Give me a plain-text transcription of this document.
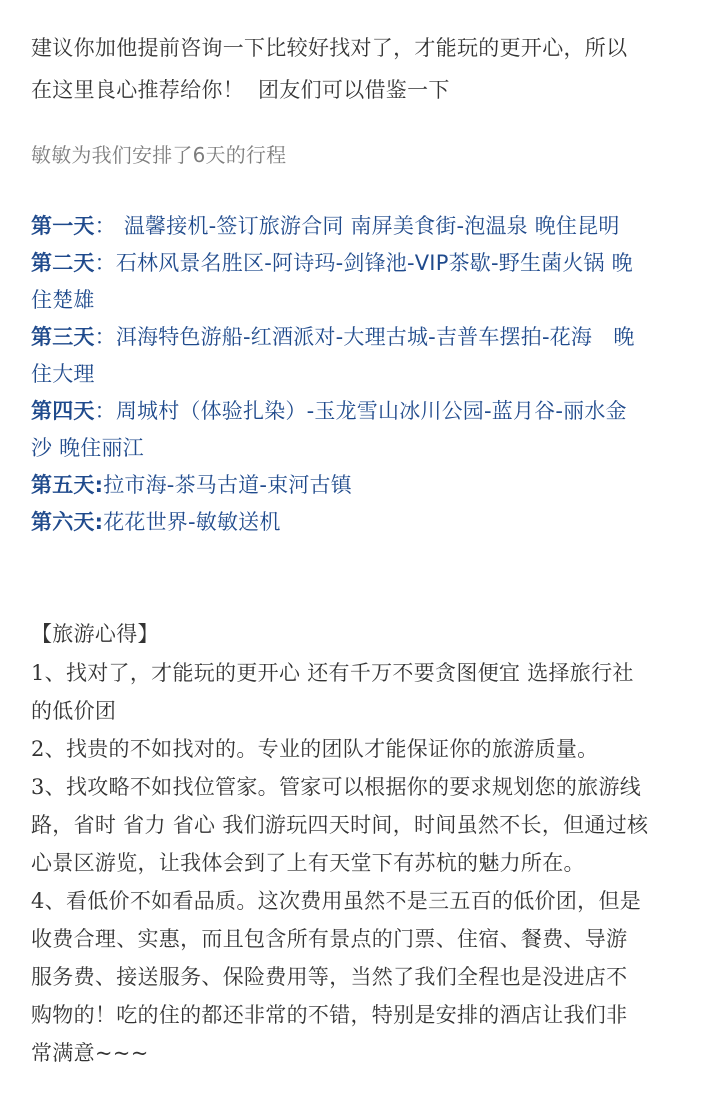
建议你加他提前咨询一下比较好找对了，才能玩的更开心，所以
在这里良心推荐给你！ 团友们可以借鉴一下
敏敏为我们安排了6天的行程
第一天： 温馨接机-签订旅游合同 南屏美食街-泡温泉 晚住昆明
第二天：石林风景名胜区-阿诗玛-剑锋池-VIP茶歇-野生菌火锅 晚
住楚雄
第三天：洱海特色游船-红酒派对-大理古城-吉普车摆拍-花海　晚
住大理
第四天：周城村（体验扎染）-玉龙雪山冰川公园-蓝月谷-丽水金
沙 晚住丽江
第五天:拉市海-茶马古道-束河古镇
第六天:花花世界-敏敏送机
【旅游心得】
1、找对了，才能玩的更开心 还有千万不要贪图便宜 选择旅行社
的低价团
2、找贵的不如找对的。专业的团队才能保证你的旅游质量。
3、找攻略不如找位管家。管家可以根据你的要求规划您的旅游线
路，省时 省力 省心 我们游玩四天时间，时间虽然不长，但通过核
心景区游览，让我体会到了上有天堂下有苏杭的魅力所在。
4、看低价不如看品质。这次费用虽然不是三五百的低价团，但是
收费合理、实惠，而且包含所有景点的门票、住宿、餐费、导游
服务费、接送服务、保险费用等，当然了我们全程也是没进店不
购物的！吃的住的都还非常的不错，特别是安排的酒店让我们非
常满意~~~
